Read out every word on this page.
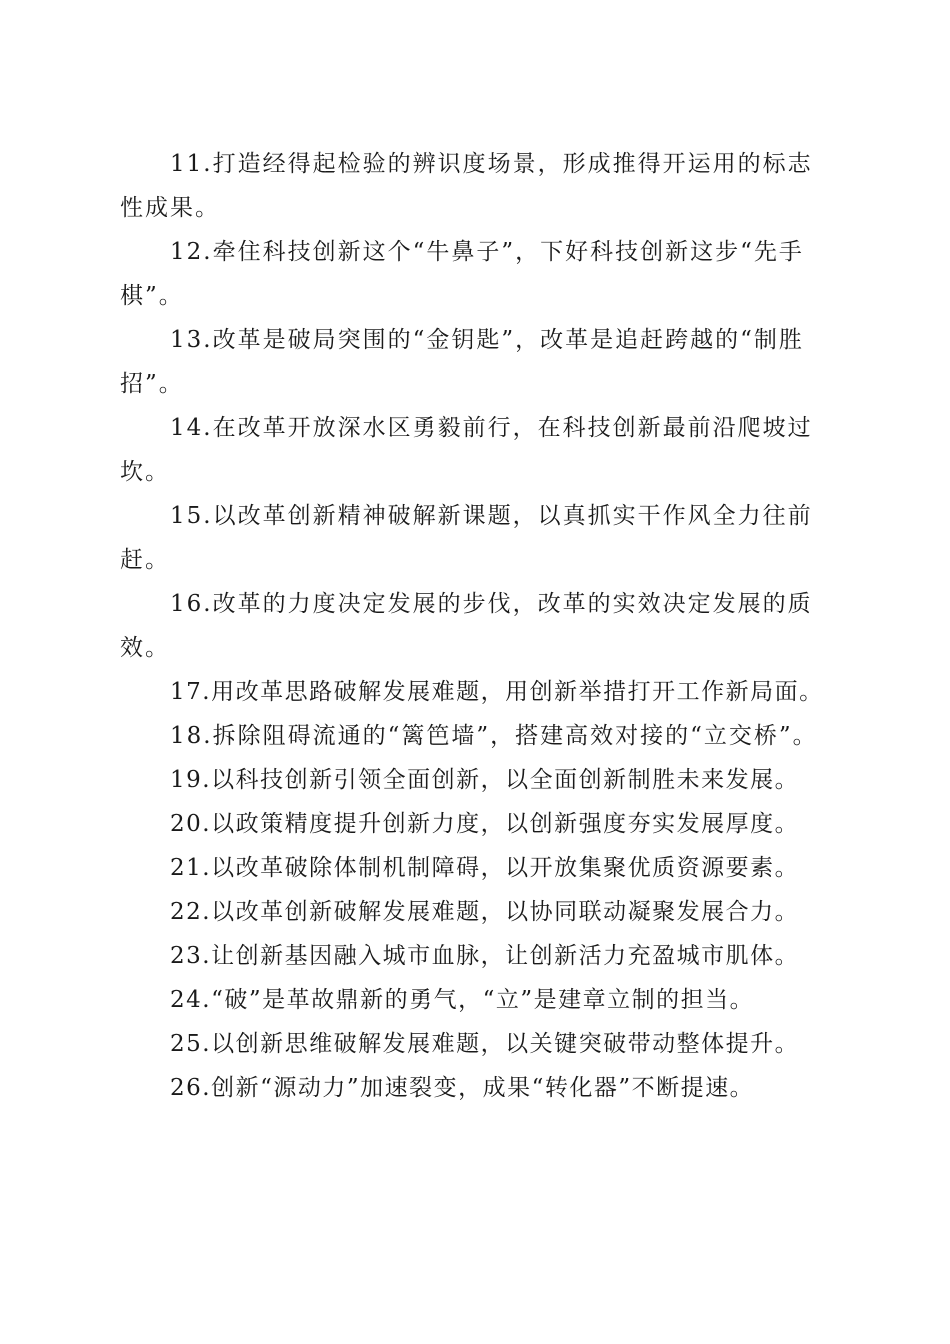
11.打造经得起检验的辨识度场景，形成推得开运用的标志性成果。

12.牵住科技创新这个“牛鼻子”，下好科技创新这步“先手棋”。

13.改革是破局突围的“金钥匙”，改革是追赶跨越的“制胜招”。

14.在改革开放深水区勇毅前行，在科技创新最前沿爬坡过坎。

15.以改革创新精神破解新课题，以真抓实干作风全力往前赶。

16.改革的力度决定发展的步伐，改革的实效决定发展的质效。

17.用改革思路破解发展难题，用创新举措打开工作新局面。

18.拆除阻碍流通的“篱笆墙”，搭建高效对接的“立交桥”。

19.以科技创新引领全面创新，以全面创新制胜未来发展。

20.以政策精度提升创新力度，以创新强度夯实发展厚度。

21.以改革破除体制机制障碍，以开放集聚优质资源要素。

22.以改革创新破解发展难题，以协同联动凝聚发展合力。

23.让创新基因融入城市血脉，让创新活力充盈城市肌体。

24.“破”是革故鼎新的勇气，“立”是建章立制的担当。

25.以创新思维破解发展难题，以关键突破带动整体提升。

26.创新“源动力”加速裂变，成果“转化器”不断提速。
